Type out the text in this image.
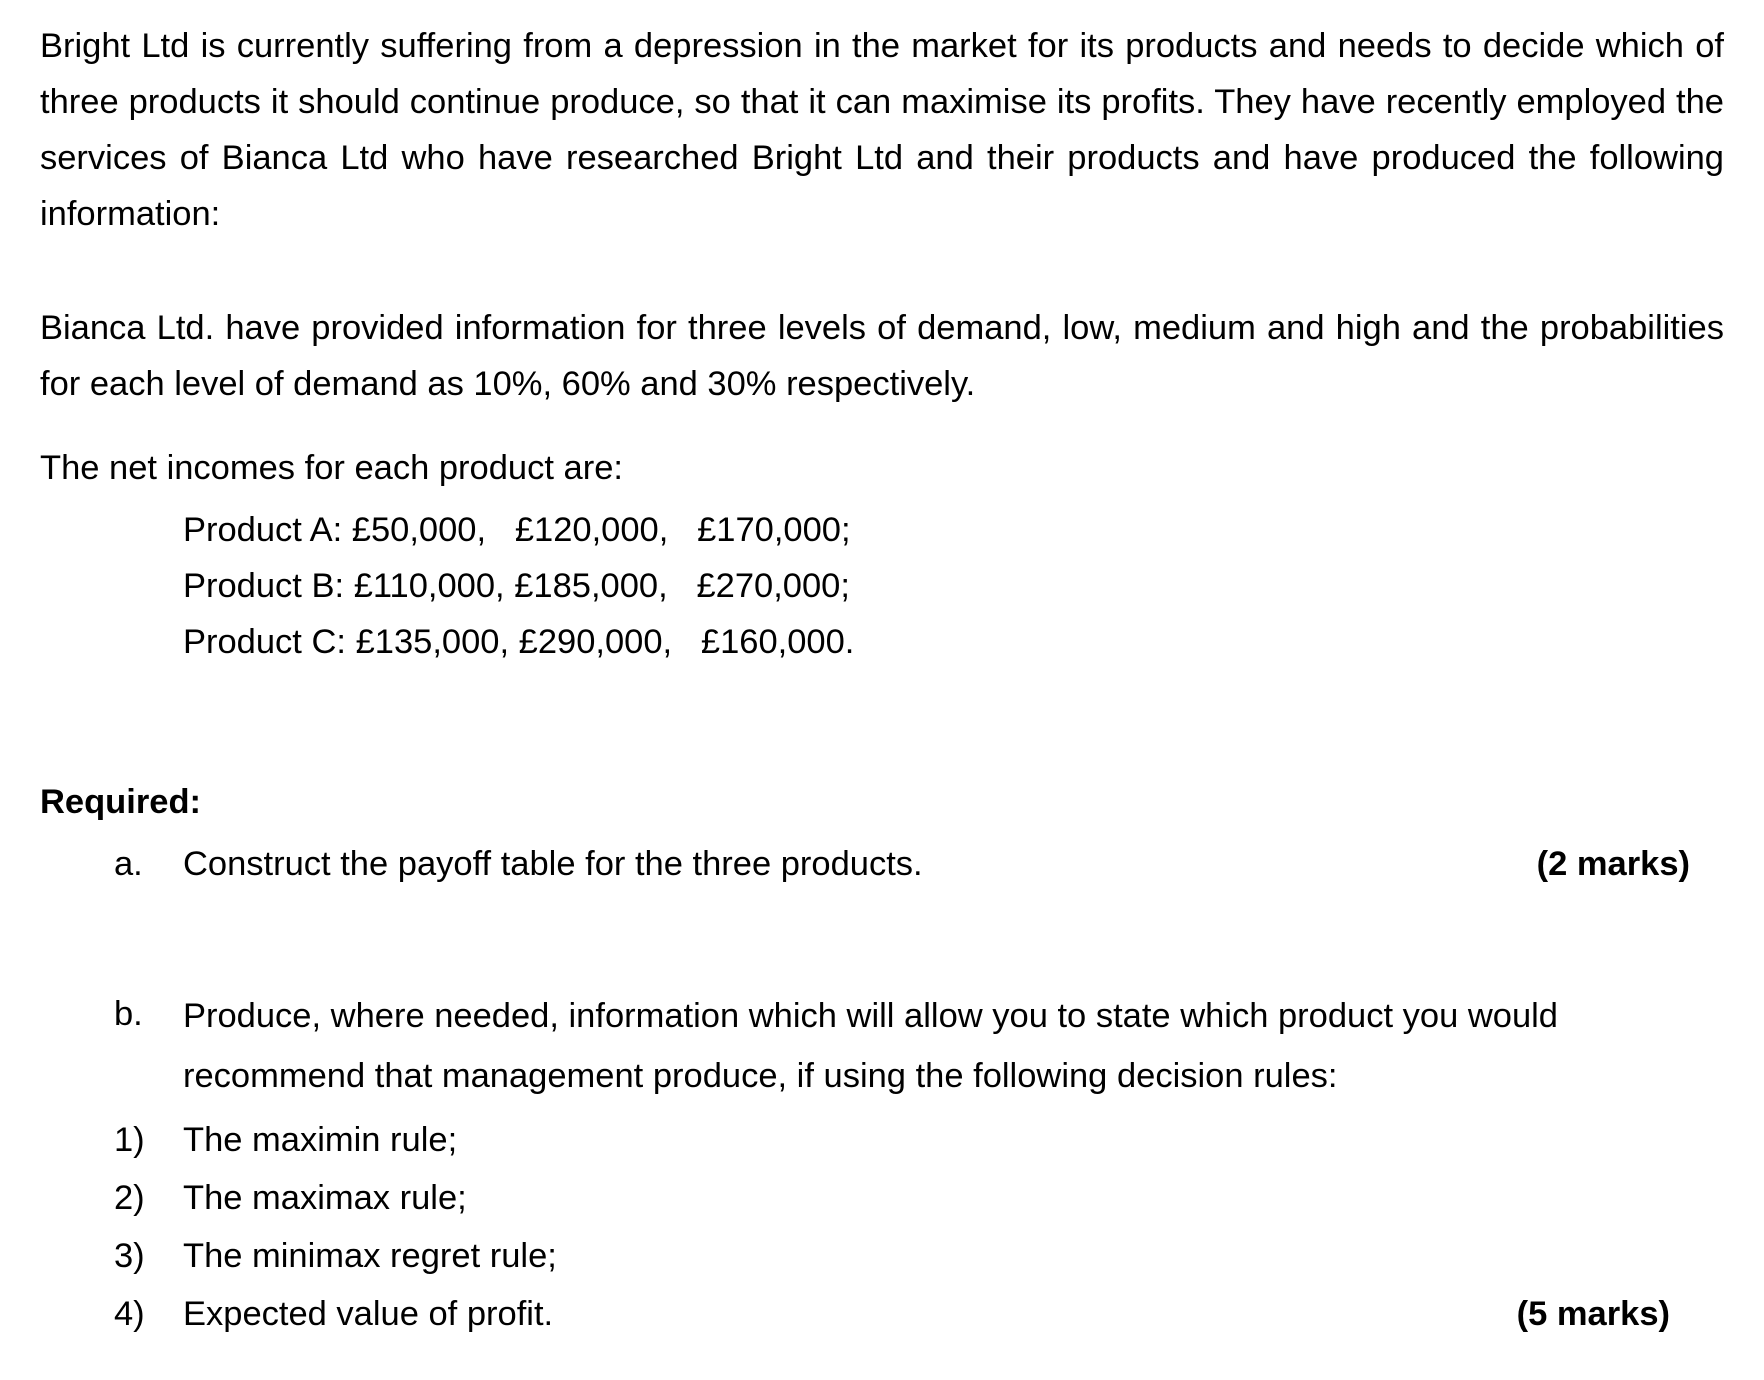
Bright Ltd is currently suffering from a depression in the market for its products and needs to decide which of three products it should continue produce, so that it can maximise its profits. They have recently employed the services of Bianca Ltd who have researched Bright Ltd and their products and have produced the following information:

Bianca Ltd. have provided information for three levels of demand, low, medium and high and the probabilities for each level of demand as 10%, 60% and 30% respectively.

The net incomes for each product are:

Product A:
£50,000,
£120,000,
£170,000;
Product B:
£110,000,
£185,000,
£270,000;
Product C:
£135,000,
£290,000,
£160,000.
Required:
a. Construct the payoff table for the three products.	(2 marks)
b. Produce, where needed, information which will allow you to state which product you would recommend that management produce, if using the following decision rules:
1) The maximin rule;
2) The maximax rule;
3) The minimax regret rule;
4) Expected value of profit.	(5 marks)
